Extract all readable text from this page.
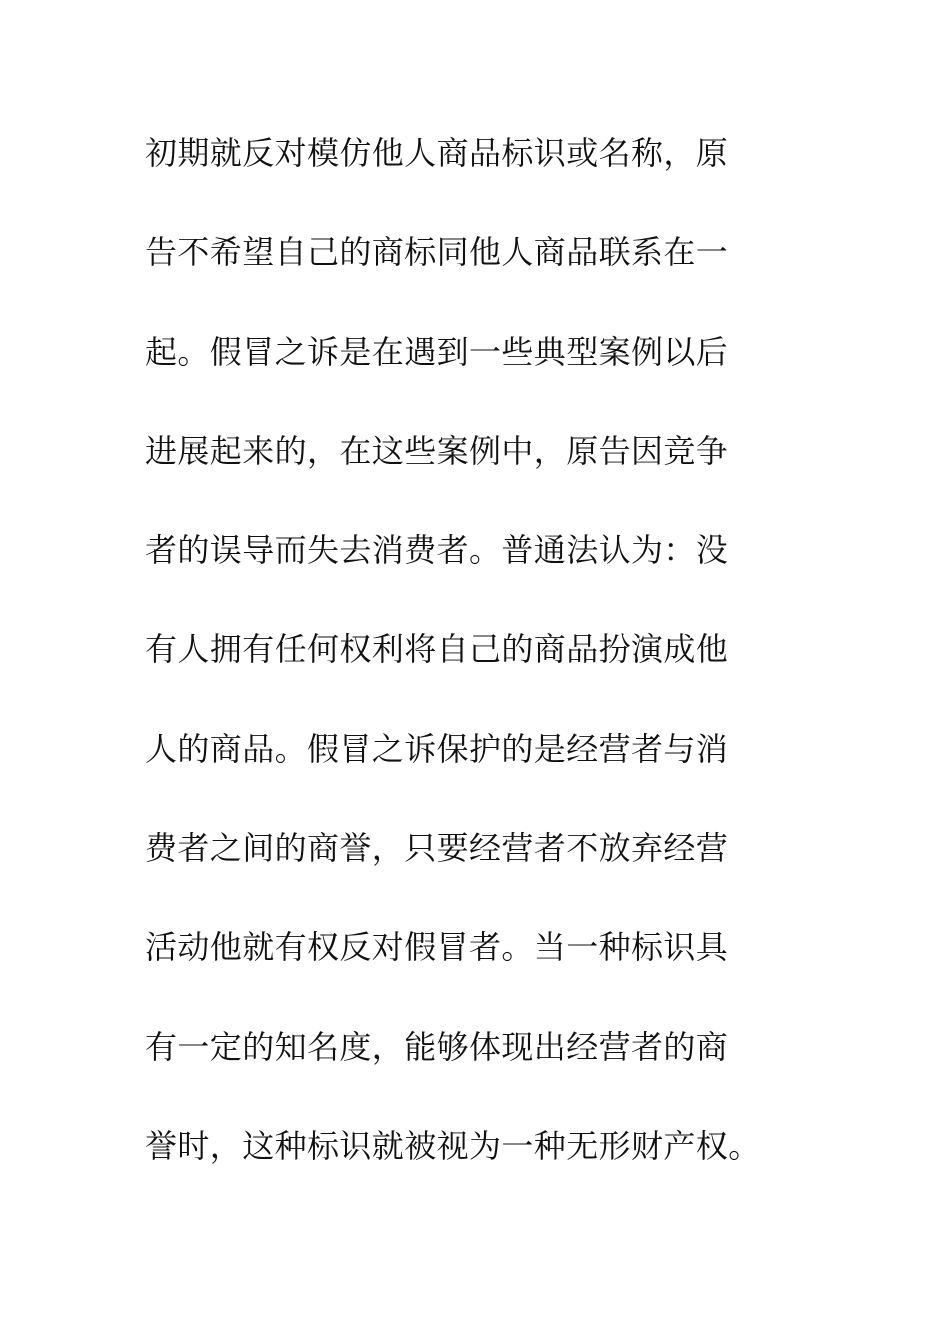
初期就反对模仿他人商品标识或名称，原
告不希望自己的商标同他人商品联系在一
起。假冒之诉是在遇到一些典型案例以后
进展起来的，在这些案例中，原告因竞争
者的误导而失去消费者。普通法认为：没
有人拥有任何权利将自己的商品扮演成他
人的商品。假冒之诉保护的是经营者与消
费者之间的商誉，只要经营者不放弃经营
活动他就有权反对假冒者。当一种标识具
有一定的知名度，能够体现出经营者的商
誉时，这种标识就被视为一种无形财产权。
